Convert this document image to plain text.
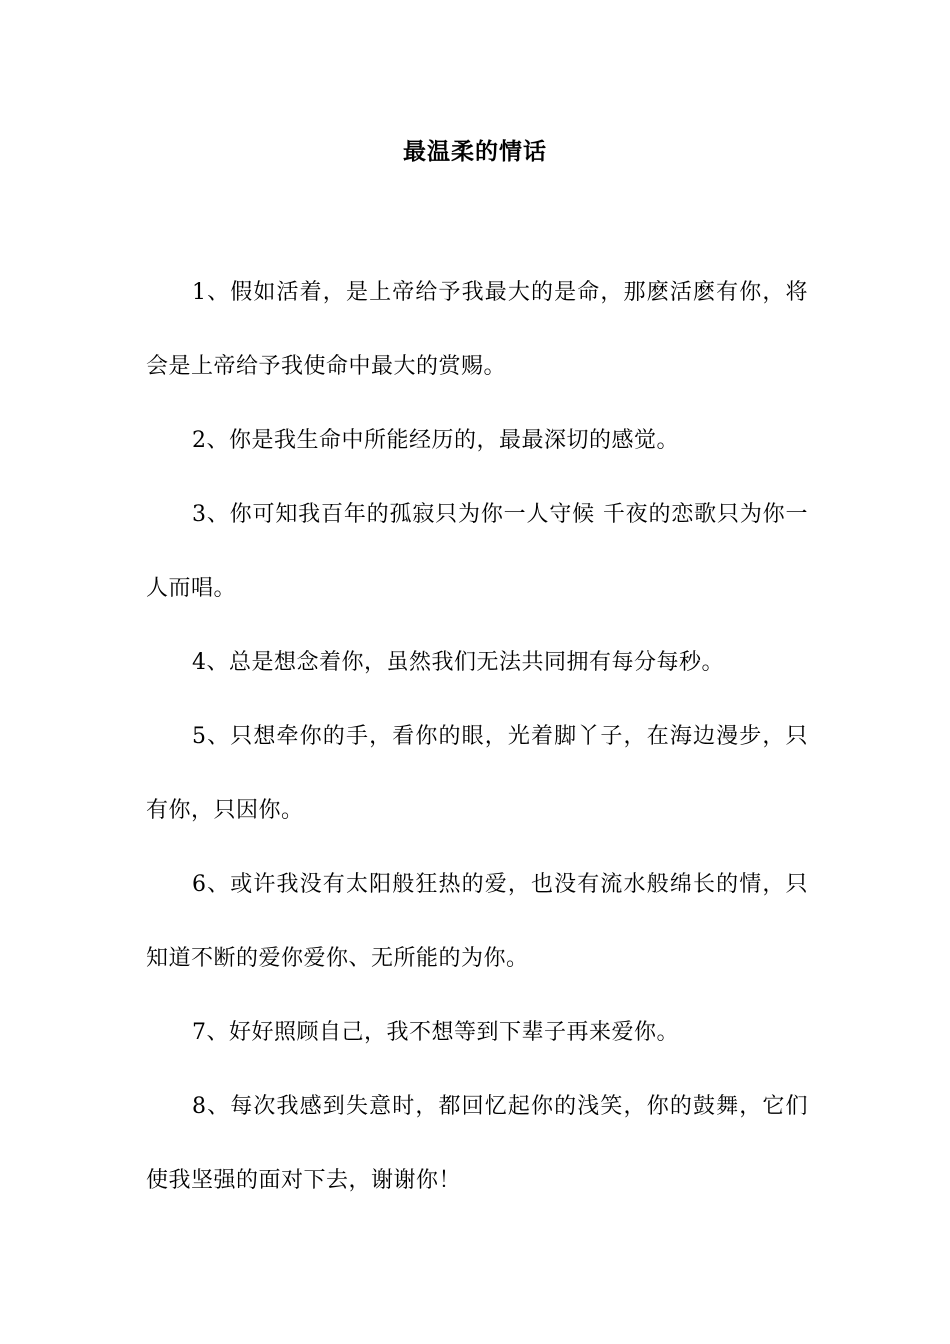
最温柔的情话

1、假如活着，是上帝给予我最大的是命，那麽活麽有你，将会是上帝给予我使命中最大的赏赐。

2、你是我生命中所能经历的，最最深切的感觉。

3、你可知我百年的孤寂只为你一人守候 千夜的恋歌只为你一人而唱。

4、总是想念着你，虽然我们无法共同拥有每分每秒。

5、只想牵你的手，看你的眼，光着脚丫子，在海边漫步，只有你，只因你。

6、或许我没有太阳般狂热的爱，也没有流水般绵长的情，只知道不断的爱你爱你、无所能的为你。

7、好好照顾自己，我不想等到下辈子再来爱你。

8、每次我感到失意时，都回忆起你的浅笑，你的鼓舞，它们使我坚强的面对下去，谢谢你！
